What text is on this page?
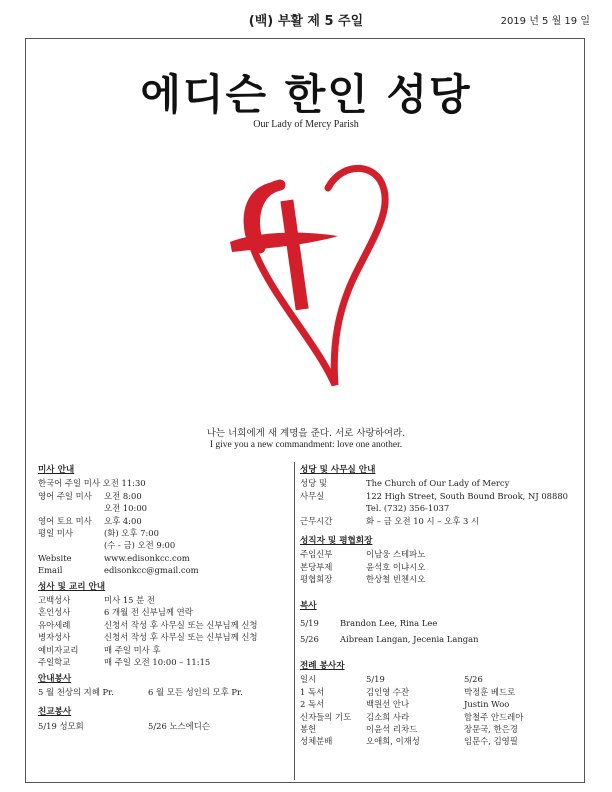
(백) 부활 제 5 주일	2019 년 5 월 19 일
에디슨 한인 성당
Our Lady of Mercy Parish
나는 너희에게 새 계명을 준다. 서로 사랑하여라.
I give you a new commandment: love one another.
미사 안내
한국어 주일 미사 오전 11:30
영어 주일 미사	오전 8:00
오전 10:00
영어 토요 미사	오후 4:00
평일 미사	(화) 오후 7:00
(수 - 금) 오전 9:00
Website	www.edisonkcc.com
Email	edisonkcc@gmail.com
성사 및 교리 안내
고백성사	미사 15 분 전
혼인성사	6 개월 전 신부님께 연락
유아세례	신청서 작성 후 사무실 또는 신부님께 신청
병자성사	신청서 작성 후 사무실 또는 신부님께 신청
예비자교리	매 주일 미사 후
주일학교	매 주일 오전 10:00 – 11:15
안내봉사
5 월 천상의 지혜 Pr.	6 월 모든 성인의 모후 Pr.
친교봉사
5/19 성모회	5/26 노스에디슨
성당 및 사무실 안내
성당 및	The Church of Our Lady of Mercy
사무실	122 High Street, South Bound Brook, NJ 08880
Tel. (732) 356-1037
근무시간	화 – 금 오전 10 시 – 오후 3 시
성직자 및 평협회장
주임신부	이남웅 스테파노
본당부제	윤석호 이냐시오
평협회장	한상철 빈첸시오
복사
5/19	Brandon Lee, Rina Lee
5/26	Aibrean Langan, Jecenia Langan
전례 봉사자
일시	5/19	5/26
1 독서	김인영 수잔	박정훈 베드로
2 독서	백원선 안나	Justin Woo
신자들의 기도	김소희 사라	함철주 안드레아
봉헌	이윤석 리차드	장문국, 한은경
성체분배	오애희, 이재성	임문수, 김영필
